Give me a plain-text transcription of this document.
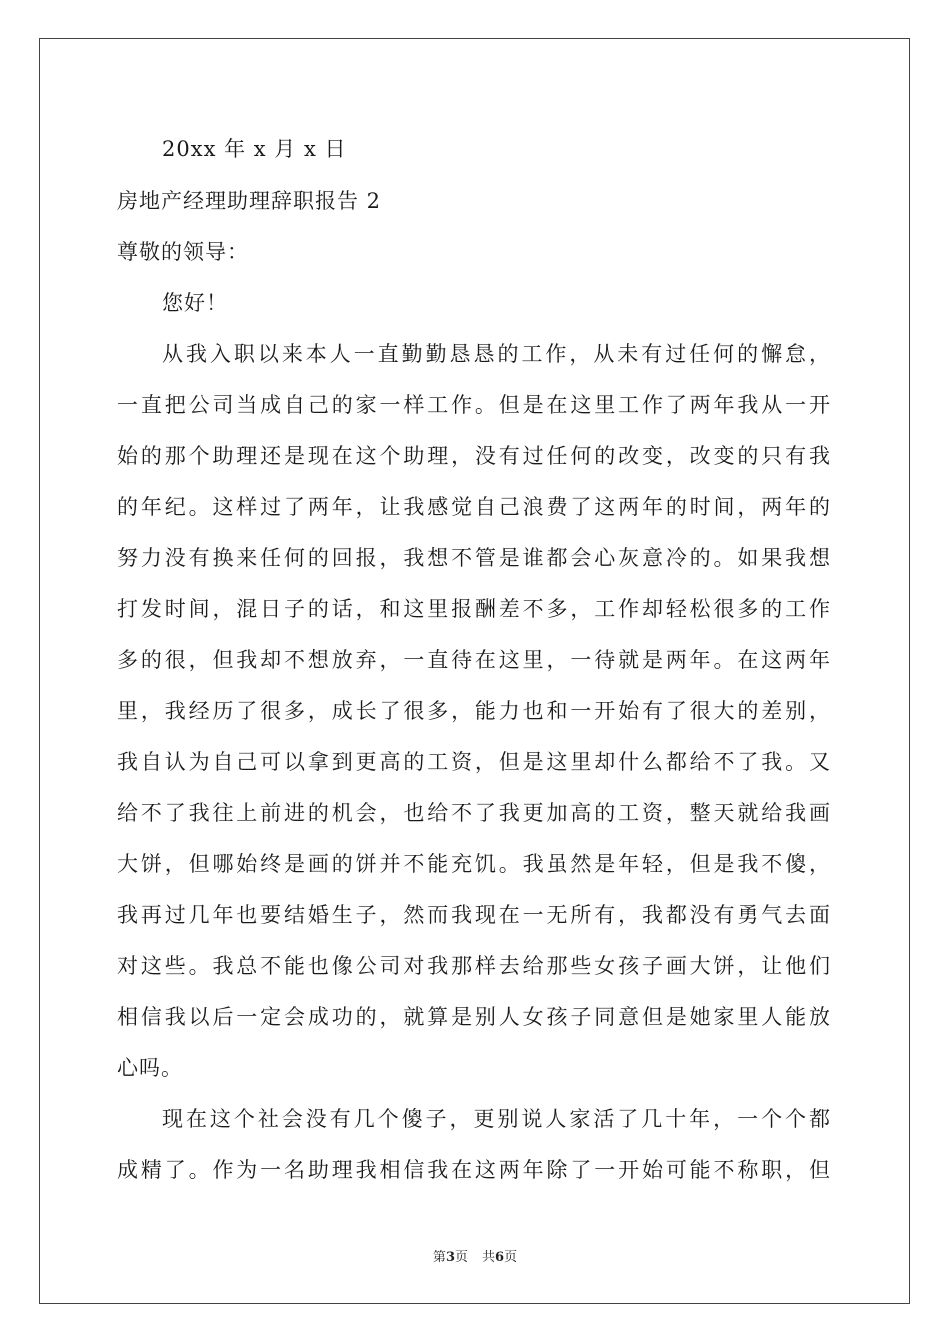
20xx 年 x 月 x 日
房地产经理助理辞职报告 2
尊敬的领导：
您好！
从我入职以来本人一直勤勤恳恳的工作，从未有过任何的懈怠，
一直把公司当成自己的家一样工作。但是在这里工作了两年我从一开
始的那个助理还是现在这个助理，没有过任何的改变，改变的只有我
的年纪。这样过了两年，让我感觉自己浪费了这两年的时间，两年的
努力没有换来任何的回报，我想不管是谁都会心灰意冷的。如果我想
打发时间，混日子的话，和这里报酬差不多，工作却轻松很多的工作
多的很，但我却不想放弃，一直待在这里，一待就是两年。在这两年
里，我经历了很多，成长了很多，能力也和一开始有了很大的差别，
我自认为自己可以拿到更高的工资，但是这里却什么都给不了我。又
给不了我往上前进的机会，也给不了我更加高的工资，整天就给我画
大饼，但哪始终是画的饼并不能充饥。我虽然是年轻，但是我不傻，
我再过几年也要结婚生子，然而我现在一无所有，我都没有勇气去面
对这些。我总不能也像公司对我那样去给那些女孩子画大饼，让他们
相信我以后一定会成功的，就算是别人女孩子同意但是她家里人能放
心吗。
现在这个社会没有几个傻子，更别说人家活了几十年，一个个都
成精了。作为一名助理我相信我在这两年除了一开始可能不称职，但
第3页 共6页
